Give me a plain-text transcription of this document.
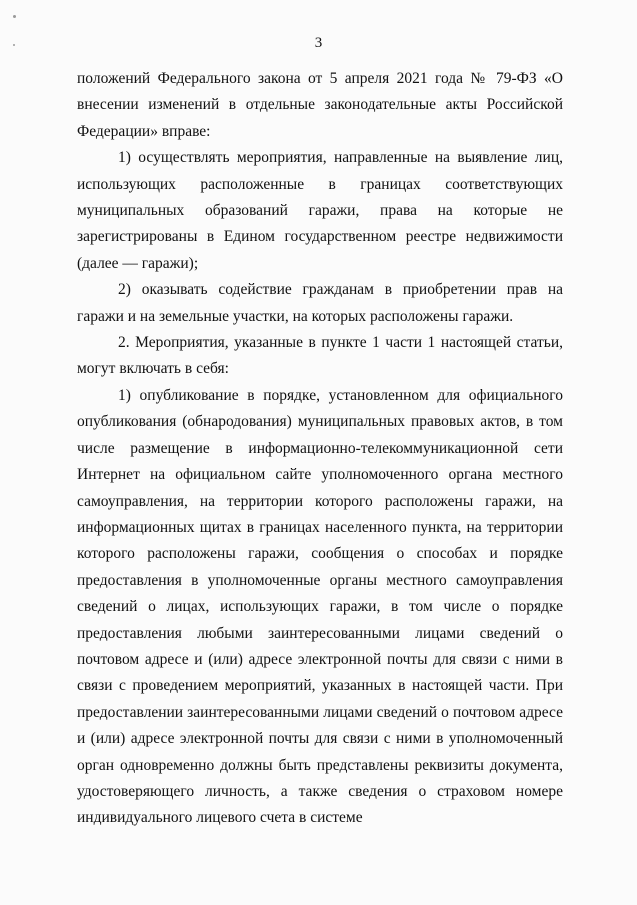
3

положений Федерального закона от 5 апреля 2021 года № 79-ФЗ «О внесении изменений в отдельные законодательные акты Российской Федерации» вправе:

1) осуществлять мероприятия, направленные на выявление лиц, использующих расположенные в границах соответствующих муниципальных образований гаражи, права на которые не зарегистрированы в Едином государственном реестре недвижимости (далее — гаражи);

2) оказывать содействие гражданам в приобретении прав на гаражи и на земельные участки, на которых расположены гаражи.

2. Мероприятия, указанные в пункте 1 части 1 настоящей статьи, могут включать в себя:

1) опубликование в порядке, установленном для официального опубликования (обнародования) муниципальных правовых актов, в том числе размещение в информационно-телекоммуникационной сети Интернет на официальном сайте уполномоченного органа местного самоуправления, на территории которого расположены гаражи, на информационных щитах в границах населенного пункта, на территории которого расположены гаражи, сообщения о способах и порядке предоставления в уполномоченные органы местного самоуправления сведений о лицах, использующих гаражи, в том числе о порядке предоставления любыми заинтересованными лицами сведений о почтовом адресе и (или) адресе электронной почты для связи с ними в связи с проведением мероприятий, указанных в настоящей части. При предоставлении заинтересованными лицами сведений о почтовом адресе и (или) адресе электронной почты для связи с ними в уполномоченный орган одновременно должны быть представлены реквизиты документа, удостоверяющего личность, а также сведения о страховом номере индивидуального лицевого счета в системе
